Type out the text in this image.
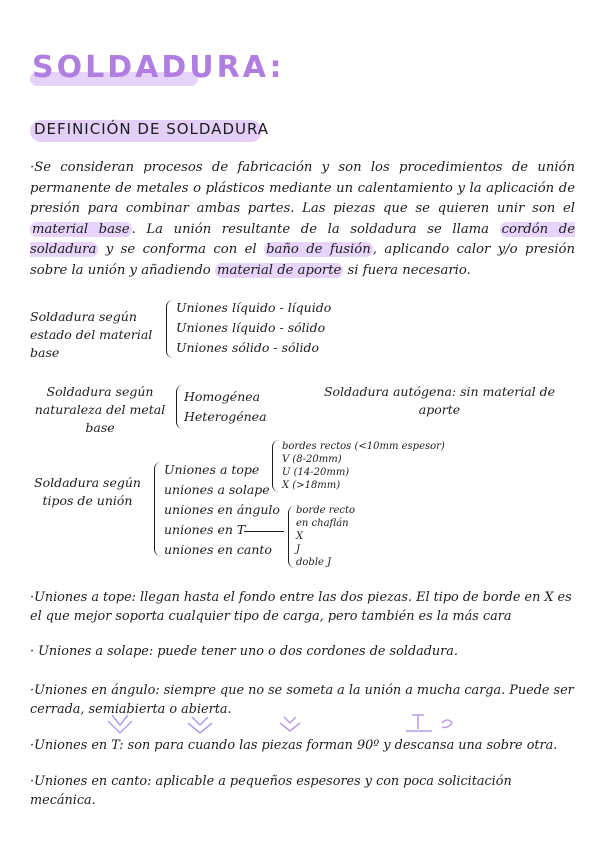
SOLDADURA:
DEFINICIÓN DE SOLDADURA
·Se consideran procesos de fabricación y son los procedimientos de unión permanente de metales o plásticos mediante un calentamiento y la aplicación de presión para combinar ambas partes. Las piezas que se quieren unir son el material base . La unión resultante de la soldadura se llama cordón de soldadura y se conforma con el baño de fusión , aplicando calor y/o presión sobre la unión y añadiendo material de aporte si fuera necesario.
Soldadura según estado del material base
Uniones líquido - líquido
Uniones líquido - sólido
Uniones sólido - sólido
Soldadura según naturaleza del metal base
Homogénea
Heterogénea
Soldadura autógena: sin material de aporte
Soldadura según tipos de unión
Uniones a tope
uniones a solape
uniones en ángulo
uniones en T
uniones en canto
bordes rectos (<10mm espesor)
V (8-20mm)
U (14-20mm)
X (>18mm)
borde recto
en chaflán
X
J
doble J
·Uniones a tope: llegan hasta el fondo entre las dos piezas. El tipo de borde en X es el que mejor soporta cualquier tipo de carga, pero también es la más cara
· Uniones a solape: puede tener uno o dos cordones de soldadura.
·Uniones en ángulo: siempre que no se someta a la unión a mucha carga. Puede ser cerrada, semiabierta o abierta.
·Uniones en T: son para cuando las piezas forman 90º y descansa una sobre otra.
·Uniones en canto: aplicable a pequeños espesores y con poca solicitación mecánica.
